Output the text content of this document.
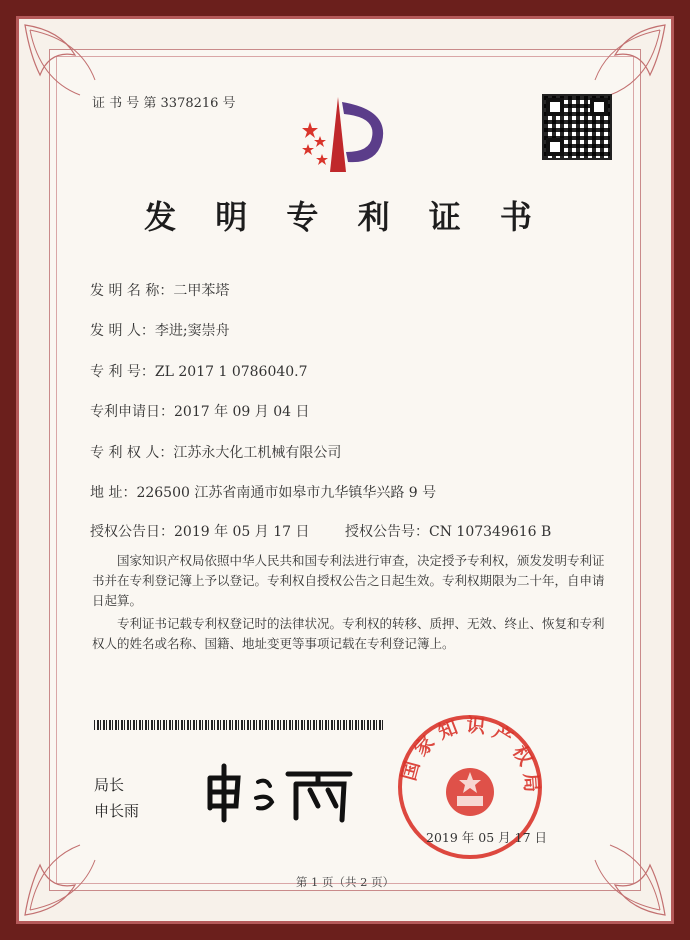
证 书 号 第 3378216 号
发 明 专 利 证 书
发 明 名 称：二甲苯塔
发 明 人：李进;窦崇舟
专 利 号：ZL 2017 1 0786040.7
专利申请日：2017 年 09 月 04 日
专 利 权 人：江苏永大化工机械有限公司
地 址：226500 江苏省南通市如皋市九华镇华兴路 9 号
授权公告日：2019 年 05 月 17 日	授权公告号：CN 107349616 B
国家知识产权局依照中华人民共和国专利法进行审查，决定授予专利权，颁发发明专利证书并在专利登记簿上予以登记。专利权自授权公告之日起生效。专利权期限为二十年，自申请日起算。
专利证书记载专利权登记时的法律状况。专利权的转移、质押、无效、终止、恢复和专利权人的姓名或名称、国籍、地址变更等事项记载在专利登记簿上。
局长
申长雨
国 家 知 识 产 权 局
2019 年 05 月 17 日
第 1 页（共 2 页）
